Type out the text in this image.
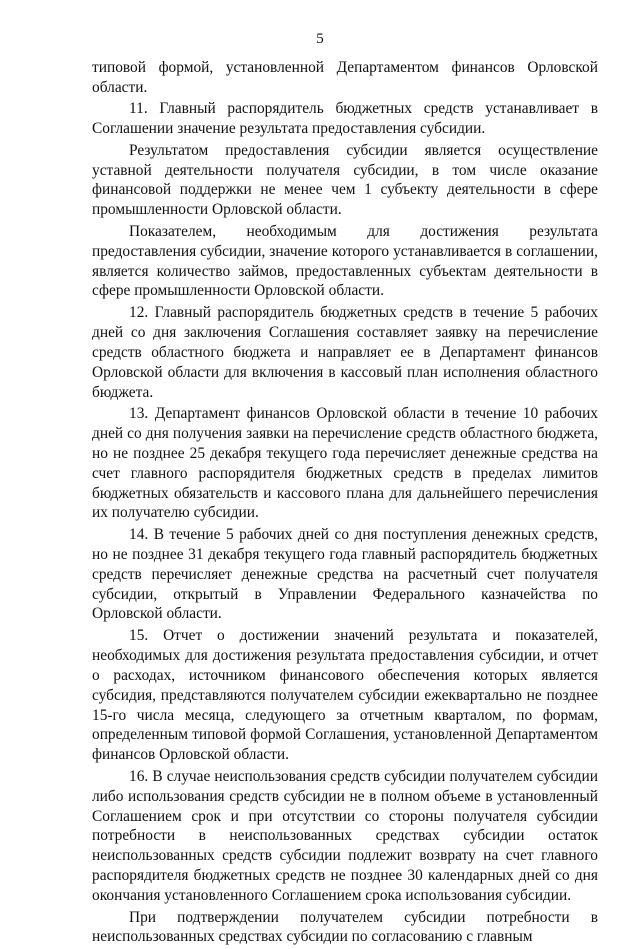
5

типовой формой, установленной Департаментом финансов Орловской области.

11. Главный распорядитель бюджетных средств устанавливает в Соглашении значение результата предоставления субсидии.

Результатом предоставления субсидии является осуществление уставной деятельности получателя субсидии, в том числе оказание финансовой поддержки не менее чем 1 субъекту деятельности в сфере промышленности Орловской области.

Показателем, необходимым для достижения результата предоставления субсидии, значение которого устанавливается в соглашении, является количество займов, предоставленных субъектам деятельности в сфере промышленности Орловской области.

12. Главный распорядитель бюджетных средств в течение 5 рабочих дней со дня заключения Соглашения составляет заявку на перечисление средств областного бюджета и направляет ее в Департамент финансов Орловской области для включения в кассовый план исполнения областного бюджета.

13. Департамент финансов Орловской области в течение 10 рабочих дней со дня получения заявки на перечисление средств областного бюджета, но не позднее 25 декабря текущего года перечисляет денежные средства на счет главного распорядителя бюджетных средств в пределах лимитов бюджетных обязательств и кассового плана для дальнейшего перечисления их получателю субсидии.

14. В течение 5 рабочих дней со дня поступления денежных средств, но не позднее 31 декабря текущего года главный распорядитель бюджетных средств перечисляет денежные средства на расчетный счет получателя субсидии, открытый в Управлении Федерального казначейства по Орловской области.

15. Отчет о достижении значений результата и показателей, необходимых для достижения результата предоставления субсидии, и отчет о расходах, источником финансового обеспечения которых является субсидия, представляются получателем субсидии ежеквартально не позднее 15-го числа месяца, следующего за отчетным кварталом, по формам, определенным типовой формой Соглашения, установленной Департаментом финансов Орловской области.

16. В случае неиспользования средств субсидии получателем субсидии либо использования средств субсидии не в полном объеме в установленный Соглашением срок и при отсутствии со стороны получателя субсидии потребности в неиспользованных средствах субсидии остаток неиспользованных средств субсидии подлежит возврату на счет главного распорядителя бюджетных средств не позднее 30 календарных дней со дня окончания установленного Соглашением срока использования субсидии.

При подтверждении получателем субсидии потребности в неиспользованных средствах субсидии по согласованию с главным
